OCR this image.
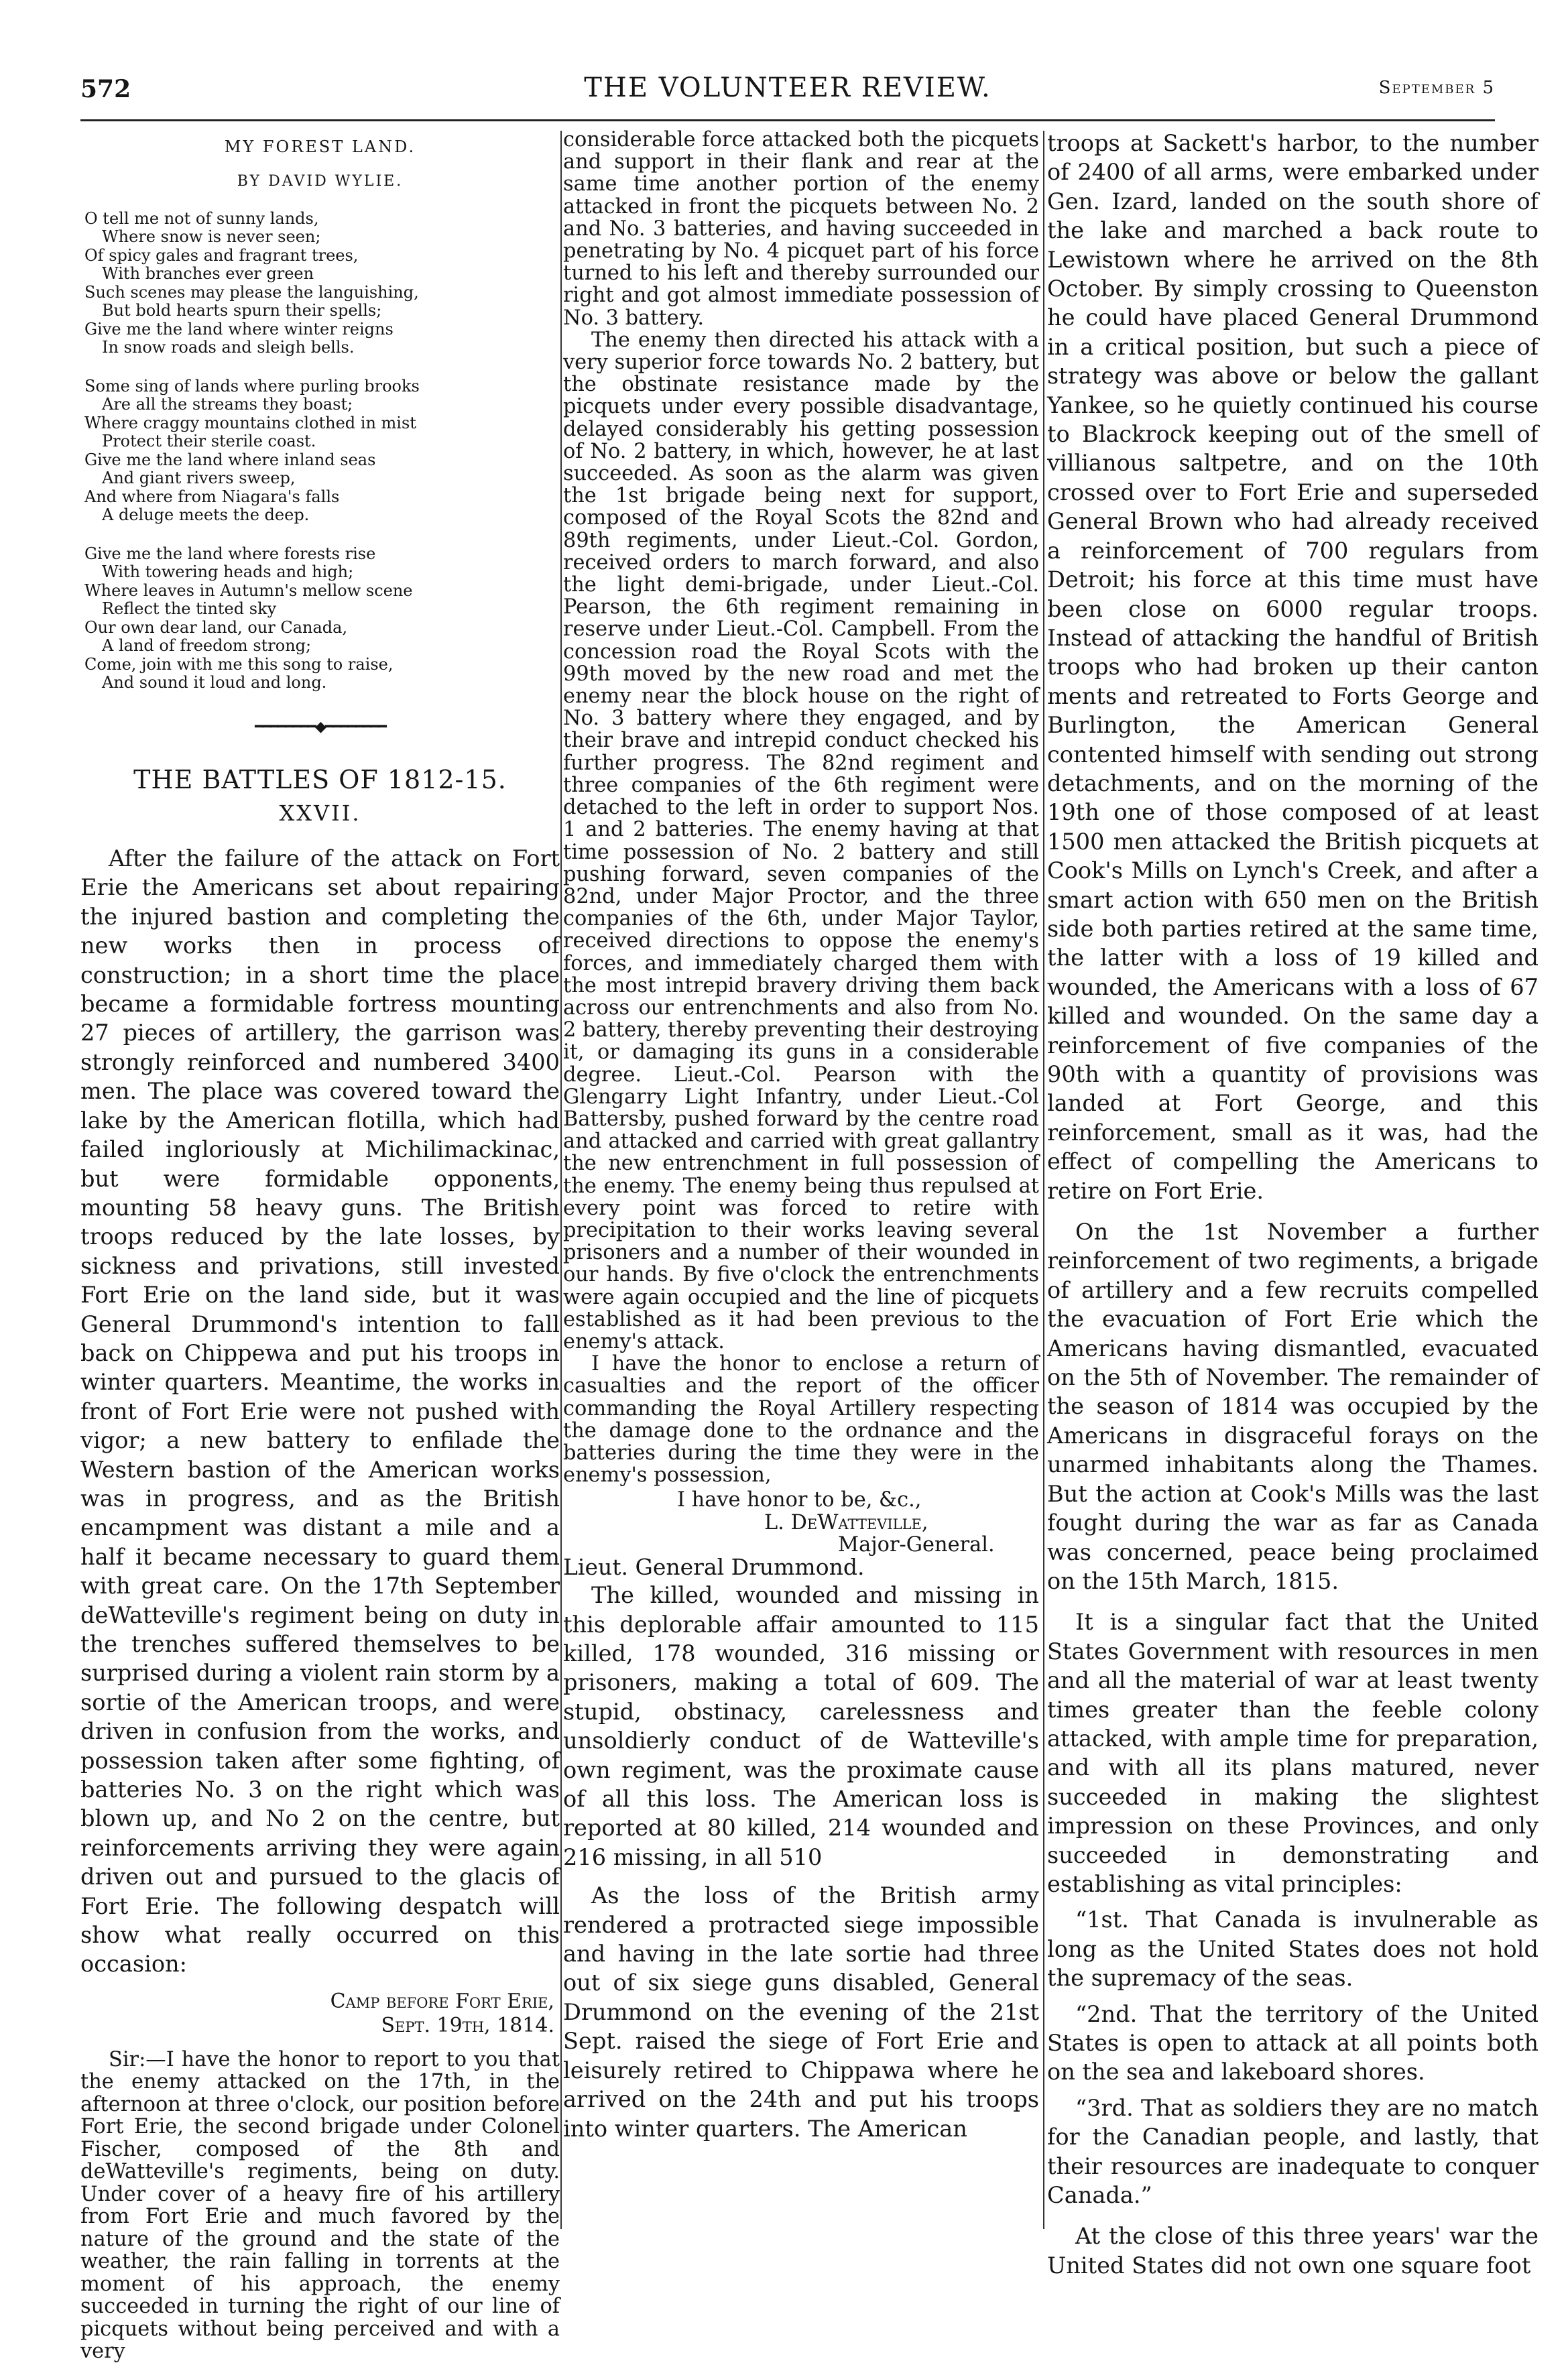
572	THE VOLUNTEER REVIEW.	September 5
MY FOREST LAND.
BY DAVID WYLIE.
O tell me not of sunny lands,
Where snow is never seen;
Of spicy gales and fragrant trees,
With branches ever green
Such scenes may please the languishing,
But bold hearts spurn their spells;
Give me the land where winter reigns
In snow roads and sleigh bells.
Some sing of lands where purling brooks
Are all the streams they boast;
Where craggy mountains clothed in mist
Protect their sterile coast.
Give me the land where inland seas
And giant rivers sweep,
And where from Niagara's falls
A deluge meets the deep.
Give me the land where forests rise
With towering heads and high;
Where leaves in Autumn's mellow scene
Reflect the tinted sky
Our own dear land, our Canada,
A land of freedom strong;
Come, join with me this song to raise,
And sound it loud and long.
━━━━━━━━◆━━━━━━━━
THE BATTLES OF 1812-15.
XXVII.

After the failure of the attack on Fort Erie the Americans set about repairing the injured bastion and completing the new works then in process of construction; in a short time the place became a formidable fortress mounting 27 pieces of artillery, the garrison was strongly reinforced and numbered 3400 men. The place was covered toward the lake by the American flotilla, which had failed ingloriously at Michilimackinac, but were formidable opponents, mounting 58 heavy guns. The British troops reduced by the late losses, by sickness and privations, still invested Fort Erie on the land side, but it was General Drummond's intention to fall back on Chippewa and put his troops in winter quarters. Meantime, the works in front of Fort Erie were not pushed with vigor; a new battery to enfilade the Western bastion of the American works was in progress, and as the British encampment was distant a mile and a half it became necessary to guard them with great care. On the 17th September deWatteville's regiment being on duty in the trenches suffered themselves to be surprised during a violent rain storm by a sortie of the American troops, and were driven in confusion from the works, and possession taken after some fighting, of batteries No. 3 on the right which was blown up, and No 2 on the centre, but reinforcements arriving they were again driven out and pursued to the glacis of Fort Erie. The following despatch will show what really occurred on this occasion:

Camp before Fort Erie,
Sept. 19th, 1814.

Sir:—I have the honor to report to you that the enemy attacked on the 17th, in the afternoon at three o'clock, our position before Fort Erie, the second brigade under Colonel Fischer, composed of the 8th and deWatteville's regiments, being on duty. Under cover of a heavy fire of his artillery from Fort Erie and much favored by the nature of the ground and the state of the weather, the rain falling in torrents at the moment of his approach, the enemy succeeded in turning the right of our line of picquets without being perceived and with a very

considerable force attacked both the picquets and support in their flank and rear at the same time another portion of the enemy attacked in front the picquets between No. 2 and No. 3 batteries, and having succeeded in penetrating by No. 4 picquet part of his force turned to his left and thereby surrounded our right and got almost immediate possession of No. 3 battery.

The enemy then directed his attack with a very superior force towards No. 2 battery, but the obstinate resistance made by the picquets under every possible disadvantage, delayed considerably his getting possession of No. 2 battery, in which, however, he at last succeeded. As soon as the alarm was given the 1st brigade being next for support, composed of the Royal Scots the 82nd and 89th regiments, under Lieut.-Col. Gordon, received orders to march forward, and also the light demi-brigade, under Lieut.-Col. Pearson, the 6th regiment remaining in reserve under Lieut.-Col. Campbell. From the concession road the Royal Scots with the 99th moved by the new road and met the enemy near the block house on the right of No. 3 battery where they engaged, and by their brave and intrepid conduct checked his further progress. The 82nd regiment and three companies of the 6th regiment were detached to the left in order to support Nos. 1 and 2 batteries. The enemy having at that time possession of No. 2 battery and still pushing forward, seven companies of the 82nd, under Major Proctor, and the three companies of the 6th, under Major Taylor, received directions to oppose the enemy's forces, and immediately charged them with the most intrepid bravery driving them back across our entrenchments and also from No. 2 battery, thereby preventing their destroying it, or damaging its guns in a considerable degree. Lieut.-Col. Pearson with the Glengarry Light Infantry, under Lieut.-Col Battersby, pushed forward by the centre road and attacked and carried with great gallantry the new entrenchment in full possession of the enemy. The enemy being thus repulsed at every point was forced to retire with precipitation to their works leaving several prisoners and a number of their wounded in our hands. By five o'clock the entrenchments were again occupied and the line of picquets established as it had been previous to the enemy's attack.

I have the honor to enclose a return of casualties and the report of the officer commanding the Royal Artillery respecting the damage done to the ordnance and the batteries during the time they were in the enemy's possession,

I have honor to be, &c.,
L. DeWatteville,
Major-General.
Lieut. General Drummond.

The killed, wounded and missing in this deplorable affair amounted to 115 killed, 178 wounded, 316 missing or prisoners, making a total of 609. The stupid, obstinacy, carelessness and unsoldierly conduct of de Watteville's own regiment, was the proximate cause of all this loss. The American loss is reported at 80 killed, 214 wounded and 216 missing, in all 510

As the loss of the British army rendered a protracted siege impossible and having in the late sortie had three out of six siege guns disabled, General Drummond on the evening of the 21st Sept. raised the siege of Fort Erie and leisurely retired to Chippawa where he arrived on the 24th and put his troops into winter quarters. The American

troops at Sackett's harbor, to the number of 2400 of all arms, were embarked under Gen. Izard, landed on the south shore of the lake and marched a back route to Lewistown where he arrived on the 8th October. By simply crossing to Queenston he could have placed General Drummond in a critical position, but such a piece of strategy was above or below the gallant Yankee, so he quietly continued his course to Blackrock keeping out of the smell of villianous saltpetre, and on the 10th crossed over to Fort Erie and superseded General Brown who had already received a reinforcement of 700 regulars from Detroit; his force at this time must have been close on 6000 regular troops. Instead of attacking the handful of British troops who had broken up their canton ments and retreated to Forts George and Burlington, the American General contented himself with sending out strong detachments, and on the morning of the 19th one of those composed of at least 1500 men attacked the British picquets at Cook's Mills on Lynch's Creek, and after a smart action with 650 men on the British side both parties retired at the same time, the latter with a loss of 19 killed and wounded, the Americans with a loss of 67 killed and wounded. On the same day a reinforcement of five companies of the 90th with a quantity of provisions was landed at Fort George, and this reinforcement, small as it was, had the effect of compelling the Americans to retire on Fort Erie.

On the 1st November a further reinforcement of two regiments, a brigade of artillery and a few recruits compelled the evacuation of Fort Erie which the Americans having dismantled, evacuated on the 5th of November. The remainder of the season of 1814 was occupied by the Americans in disgraceful forays on the unarmed inhabitants along the Thames. But the action at Cook's Mills was the last fought during the war as far as Canada was concerned, peace being proclaimed on the 15th March, 1815.

It is a singular fact that the United States Government with resources in men and all the material of war at least twenty times greater than the feeble colony attacked, with ample time for preparation, and with all its plans matured, never succeeded in making the slightest impression on these Provinces, and only succeeded in demonstrating and establishing as vital principles:

“1st. That Canada is invulnerable as long as the United States does not hold the supremacy of the seas.

“2nd. That the territory of the United States is open to attack at all points both on the sea and lakeboard shores.

“3rd. That as soldiers they are no match for the Canadian people, and lastly, that their resources are inadequate to conquer Canada.”

At the close of this three years' war the United States did not own one square foot
